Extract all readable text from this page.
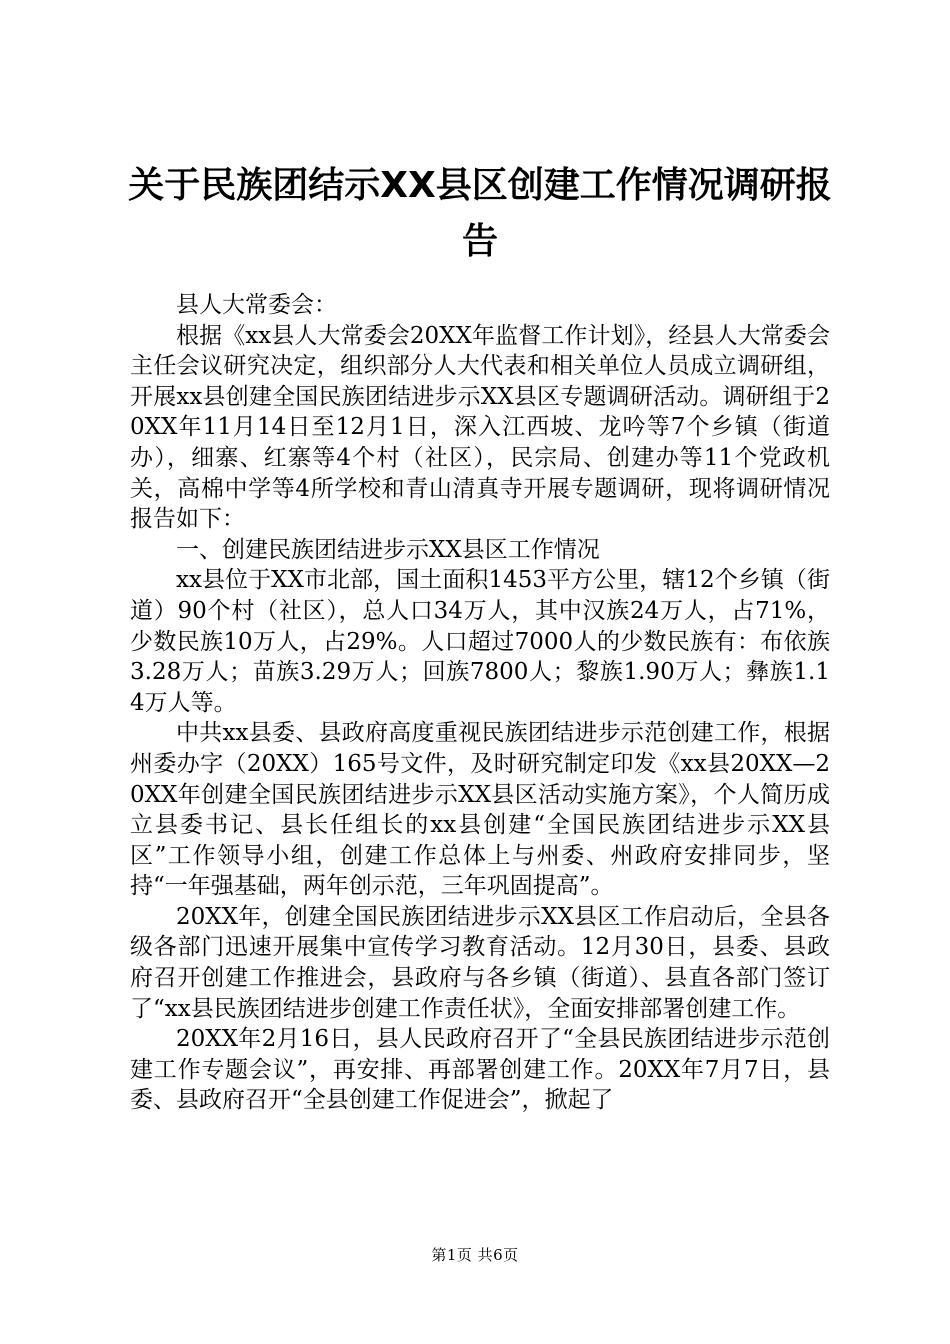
关于民族团结示XX县区创建工作情况调研报
告

县人大常委会：

根据《xx县人大常委会20XX年监督工作计划》，经县人大常委会主任会议研究决定，组织部分人大代表和相关单位人员成立调研组，开展xx县创建全国民族团结进步示XX县区专题调研活动。调研组于20XX年11月14日至12月1日，深入江西坡、龙吟等7个乡镇（街道办），细寨、红寨等4个村（社区），民宗局、创建办等11个党政机关，高棉中学等4所学校和青山清真寺开展专题调研，现将调研情况报告如下：

一、创建民族团结进步示XX县区工作情况

xx县位于XX市北部，国土面积1453平方公里，辖12个乡镇（街道）90个村（社区），总人口34万人，其中汉族24万人，占71%，少数民族10万人，占29%。人口超过7000人的少数民族有：布依族3.28万人；苗族3.29万人；回族7800人；黎族1.90万人；彝族1.14万人等。

中共xx县委、县政府高度重视民族团结进步示范创建工作，根据州委办字（20XX）165号文件，及时研究制定印发《xx县20XX—20XX年创建全国民族团结进步示XX县区活动实施方案》，个人简历成立县委书记、县长任组长的xx县创建“全国民族团结进步示XX县区”工作领导小组，创建工作总体上与州委、州政府安排同步，坚持“一年强基础，两年创示范，三年巩固提高”。

20XX年，创建全国民族团结进步示XX县区工作启动后，全县各级各部门迅速开展集中宣传学习教育活动。12月30日，县委、县政府召开创建工作推进会，县政府与各乡镇（街道）、县直各部门签订了“xx县民族团结进步创建工作责任状》，全面安排部署创建工作。

20XX年2月16日，县人民政府召开了“全县民族团结进步示范创建工作专题会议”，再安排、再部署创建工作。20XX年7月7日，县委、县政府召开“全县创建工作促进会”，掀起了

第1页 共6页
